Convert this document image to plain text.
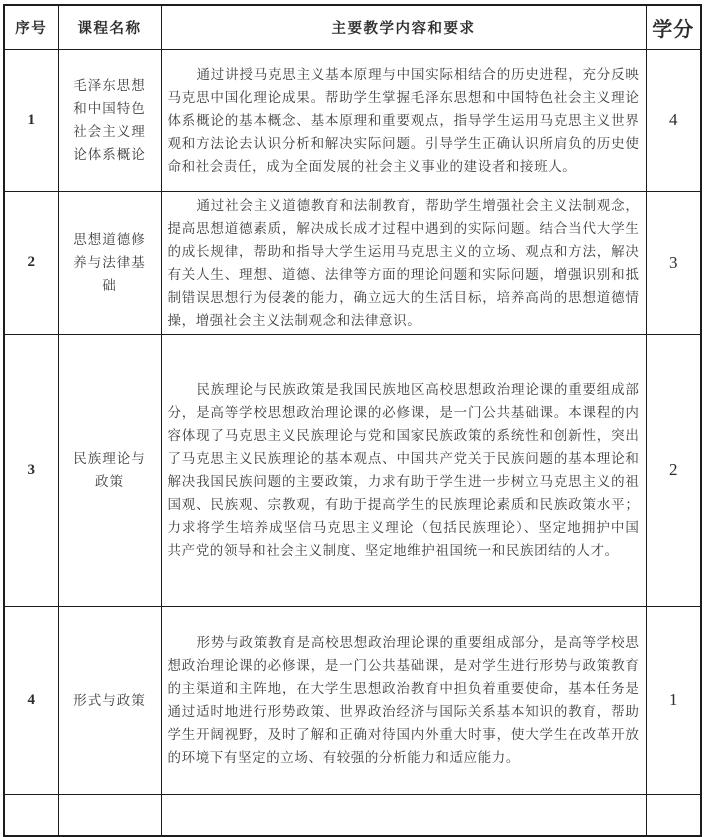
序号	课程名称	主要教学内容和要求	学分
1	毛泽东思想和中国特色社会主义理论体系概论	通过讲授马克思主义基本原理与中国实际相结合的历史进程，充分反映马克思中国化理论成果。帮助学生掌握毛泽东思想和中国特色社会主义理论体系概论的基本概念、基本原理和重要观点，指导学生运用马克思主义世界观和方法论去认识分析和解决实际问题。引导学生正确认识所肩负的历史使命和社会责任，成为全面发展的社会主义事业的建设者和接班人。	4
2	思想道德修养与法律基础	通过社会主义道德教育和法制教育，帮助学生增强社会主义法制观念，提高思想道德素质，解决成长成才过程中遇到的实际问题。结合当代大学生的成长规律，帮助和指导大学生运用马克思主义的立场、观点和方法，解决有关人生、理想、道德、法律等方面的理论问题和实际问题，增强识别和抵制错误思想行为侵袭的能力，确立远大的生活目标，培养高尚的思想道德情操，增强社会主义法制观念和法律意识。	3
3	民族理论与政策	民族理论与民族政策是我国民族地区高校思想政治理论课的重要组成部分，是高等学校思想政治理论课的必修课，是一门公共基础课。本课程的内容体现了马克思主义民族理论与党和国家民族政策的系统性和创新性，突出了马克思主义民族理论的基本观点、中国共产党关于民族问题的基本理论和解决我国民族问题的主要政策，力求有助于学生进一步树立马克思主义的祖国观、民族观、宗教观，有助于提高学生的民族理论素质和民族政策水平；力求将学生培养成坚信马克思主义理论（包括民族理论）、坚定地拥护中国共产党的领导和社会主义制度、坚定地维护祖国统一和民族团结的人才。	2
4	形式与政策	形势与政策教育是高校思想政治理论课的重要组成部分，是高等学校思想政治理论课的必修课，是一门公共基础课，是对学生进行形势与政策教育的主渠道和主阵地，在大学生思想政治教育中担负着重要使命，基本任务是通过适时地进行形势政策、世界政治经济与国际关系基本知识的教育，帮助学生开阔视野，及时了解和正确对待国内外重大时事，使大学生在改革开放的环境下有坚定的立场、有较强的分析能力和适应能力。	1
